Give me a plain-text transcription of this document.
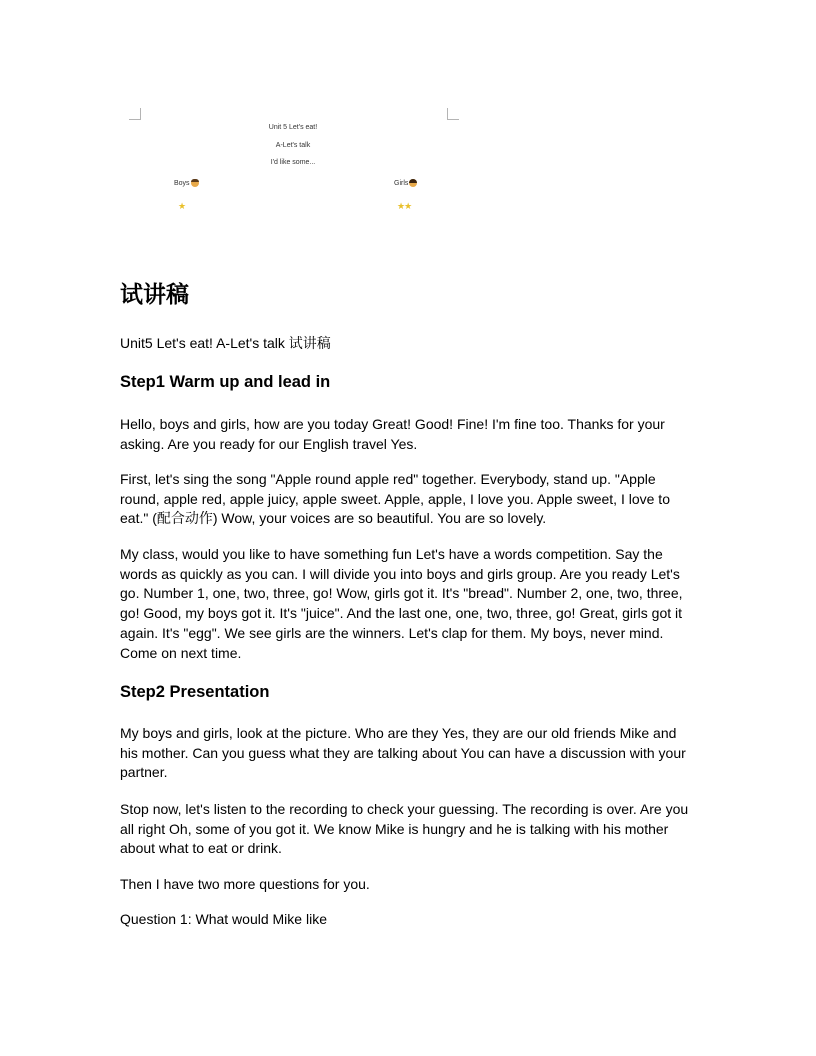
Unit 5 Let's eat!
A-Let's talk
I'd like some...
Boys	Girls
★	★★
试讲稿

Unit5 Let's eat! A-Let's talk 试讲稿

Step1 Warm up and lead in

Hello, boys and girls, how are you today Great! Good! Fine! I'm fine too. Thanks for your asking. Are you ready for our English travel Yes.

First, let's sing the song "Apple round apple red" together. Everybody, stand up. "Apple round, apple red, apple juicy, apple sweet. Apple, apple, I love you. Apple sweet, I love to eat." (配合动作) Wow, your voices are so beautiful. You are so lovely.

My class, would you like to have something fun Let's have a words competition. Say the words as quickly as you can. I will divide you into boys and girls group. Are you ready Let's go. Number 1, one, two, three, go! Wow, girls got it. It's "bread". Number 2, one, two, three, go! Good, my boys got it. It's "juice". And the last one, one, two, three, go! Great, girls got it again. It's "egg". We see girls are the winners. Let's clap for them. My boys, never mind. Come on next time.

Step2 Presentation

My boys and girls, look at the picture. Who are they Yes, they are our old friends Mike and his mother. Can you guess what they are talking about You can have a discussion with your partner.

Stop now, let's listen to the recording to check your guessing. The recording is over. Are you all right Oh, some of you got it. We know Mike is hungry and he is talking with his mother about what to eat or drink.

Then I have two more questions for you.

Question 1: What would Mike like
